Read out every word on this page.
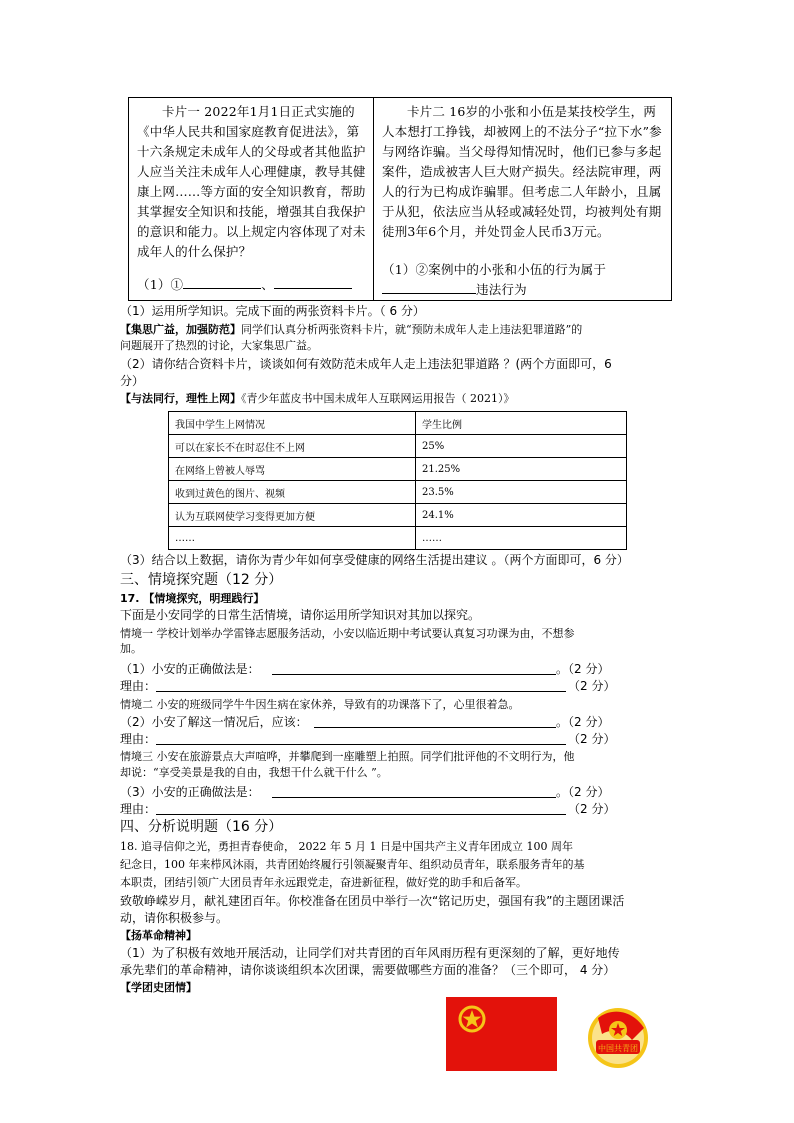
卡片一 2022年1月1日正式实施的《中华人民共和国家庭教育促进法》，第十六条规定未成年人的父母或者其他监护人应当关注未成年人心理健康，教导其健康上网……等方面的安全知识教育，帮助其掌握安全知识和技能，增强其自我保护的意识和能力。以上规定内容体现了对未成年人的什么保护？
（1）①	、
卡片二 16岁的小张和小伍是某技校学生，两人本想打工挣钱，却被网上的不法分子“拉下水”参与网络诈骗。当父母得知情况时，他们已参与多起案件，造成被害人巨大财产损失。经法院审理，两人的行为已构成诈骗罪。但考虑二人年龄小，且属于从犯，依法应当从轻或减轻处罚，均被判处有期徒刑3年6个月，并处罚金人民币3万元。
（1）②案例中的小张和小伍的行为属于
违法行为
（1）运用所学知识。完成下面的两张资料卡片。（ 6 分）
【集思广益，加强防范】同学们认真分析两张资料卡片，就“预防未成年人走上违法犯罪道路”的
问题展开了热烈的讨论，大家集思广益。
（2）请你结合资料卡片，谈谈如何有效防范未成年人走上违法犯罪道路 ？(两个方面即可，6
分）
【与法同行，理性上网】《青少年蓝皮书中国未成年人互联网运用报告（ 2021）》
我国中学生上网情况	学生比例
可以在家长不在时忍住不上网	25%
在网络上曾被人辱骂	21.25%
收到过黄色的图片、视频	23.5%
认为互联网使学习变得更加方便	24.1%
……	……
（3）结合以上数据，请你为青少年如何享受健康的网络生活提出建议 。（两个方面即可，6 分）
三、情境探究题（12 分）
17. 【情境探究，明理践行】
下面是小安同学的日常生活情境，请你运用所学知识对其加以探究。
情境一 学校计划举办学雷锋志愿服务活动，小安以临近期中考试要认真复习功课为由，不想参
加。
（1）小安的正确做法是：	。（2 分）
理由：	（2 分）
情境二 小安的班级同学牛牛因生病在家休养，导致有的功课落下了，心里很着急。
（2）小安了解这一情况后，应该：	。（2 分）
理由：	（2 分）
情境三 小安在旅游景点大声喧哗，并攀爬到一座雕塑上拍照。同学们批评他的不文明行为，他
却说：“享受美景是我的自由，我想干什么就干什么 ”。
（3）小安的正确做法是：	。（2 分）
理由：	（2 分）
四、分析说明题（16 分）
18. 追寻信仰之光，勇担青春使命， 2022 年 5 月 1 日是中国共产主义青年团成立 100 周年
纪念日，100 年来栉风沐雨，共青团始终履行引领凝聚青年、组织动员青年，联系服务青年的基
本职责，团结引领广大团员青年永远跟党走，奋进新征程，做好党的助手和后备军。
致敬峥嵘岁月，献礼建团百年。你校准备在团员中举行一次“铭记历史，强国有我”的主题团课活
动，请你积极参与。
【扬革命精神】
（1）为了积极有效地开展活动，让同学们对共青团的百年风雨历程有更深刻的了解，更好地传
承先辈们的革命精神，请你谈谈组织本次团课，需要做哪些方面的准备？（三个即可， 4 分）
【学团史团情】
中国共青团
